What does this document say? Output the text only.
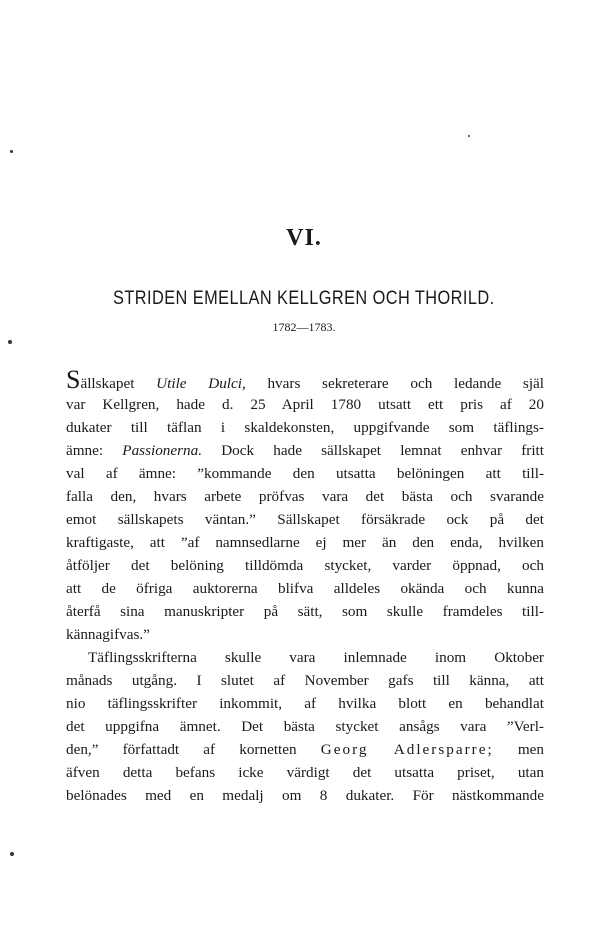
VI.
STRIDEN EMELLAN KELLGREN OCH THORILD.
1782—1783.
Sällskapet Utile Dulci, hvars sekreterare och ledande själ
var Kellgren, hade d. 25 April 1780 utsatt ett pris af 20
dukater till täflan i skaldekonsten, uppgifvande som täflings-
ämne: Passionerna. Dock hade sällskapet lemnat enhvar fritt
val af ämne: ”kommande den utsatta belöningen att till-
falla den, hvars arbete pröfvas vara det bästa och svarande
emot sällskapets väntan.” Sällskapet försäkrade ock på det
kraftigaste, att ”af namnsedlarne ej mer än den enda, hvilken
åtföljer det belöning tilldömda stycket, varder öppnad, och
att de öfriga auktorerna blifva alldeles okända och kunna
återfå sina manuskripter på sätt, som skulle framdeles till-
kännagifvas.”
Täflingsskrifterna skulle vara inlemnade inom Oktober
månads utgång. I slutet af November gafs till känna, att
nio täflingsskrifter inkommit, af hvilka blott en behandlat
det uppgifna ämnet. Det bästa stycket ansågs vara ”Verl-
den,” författadt af kornetten Georg Adlersparre; men
äfven detta befans icke värdigt det utsatta priset, utan
belönades med en medalj om 8 dukater. För nästkommande
